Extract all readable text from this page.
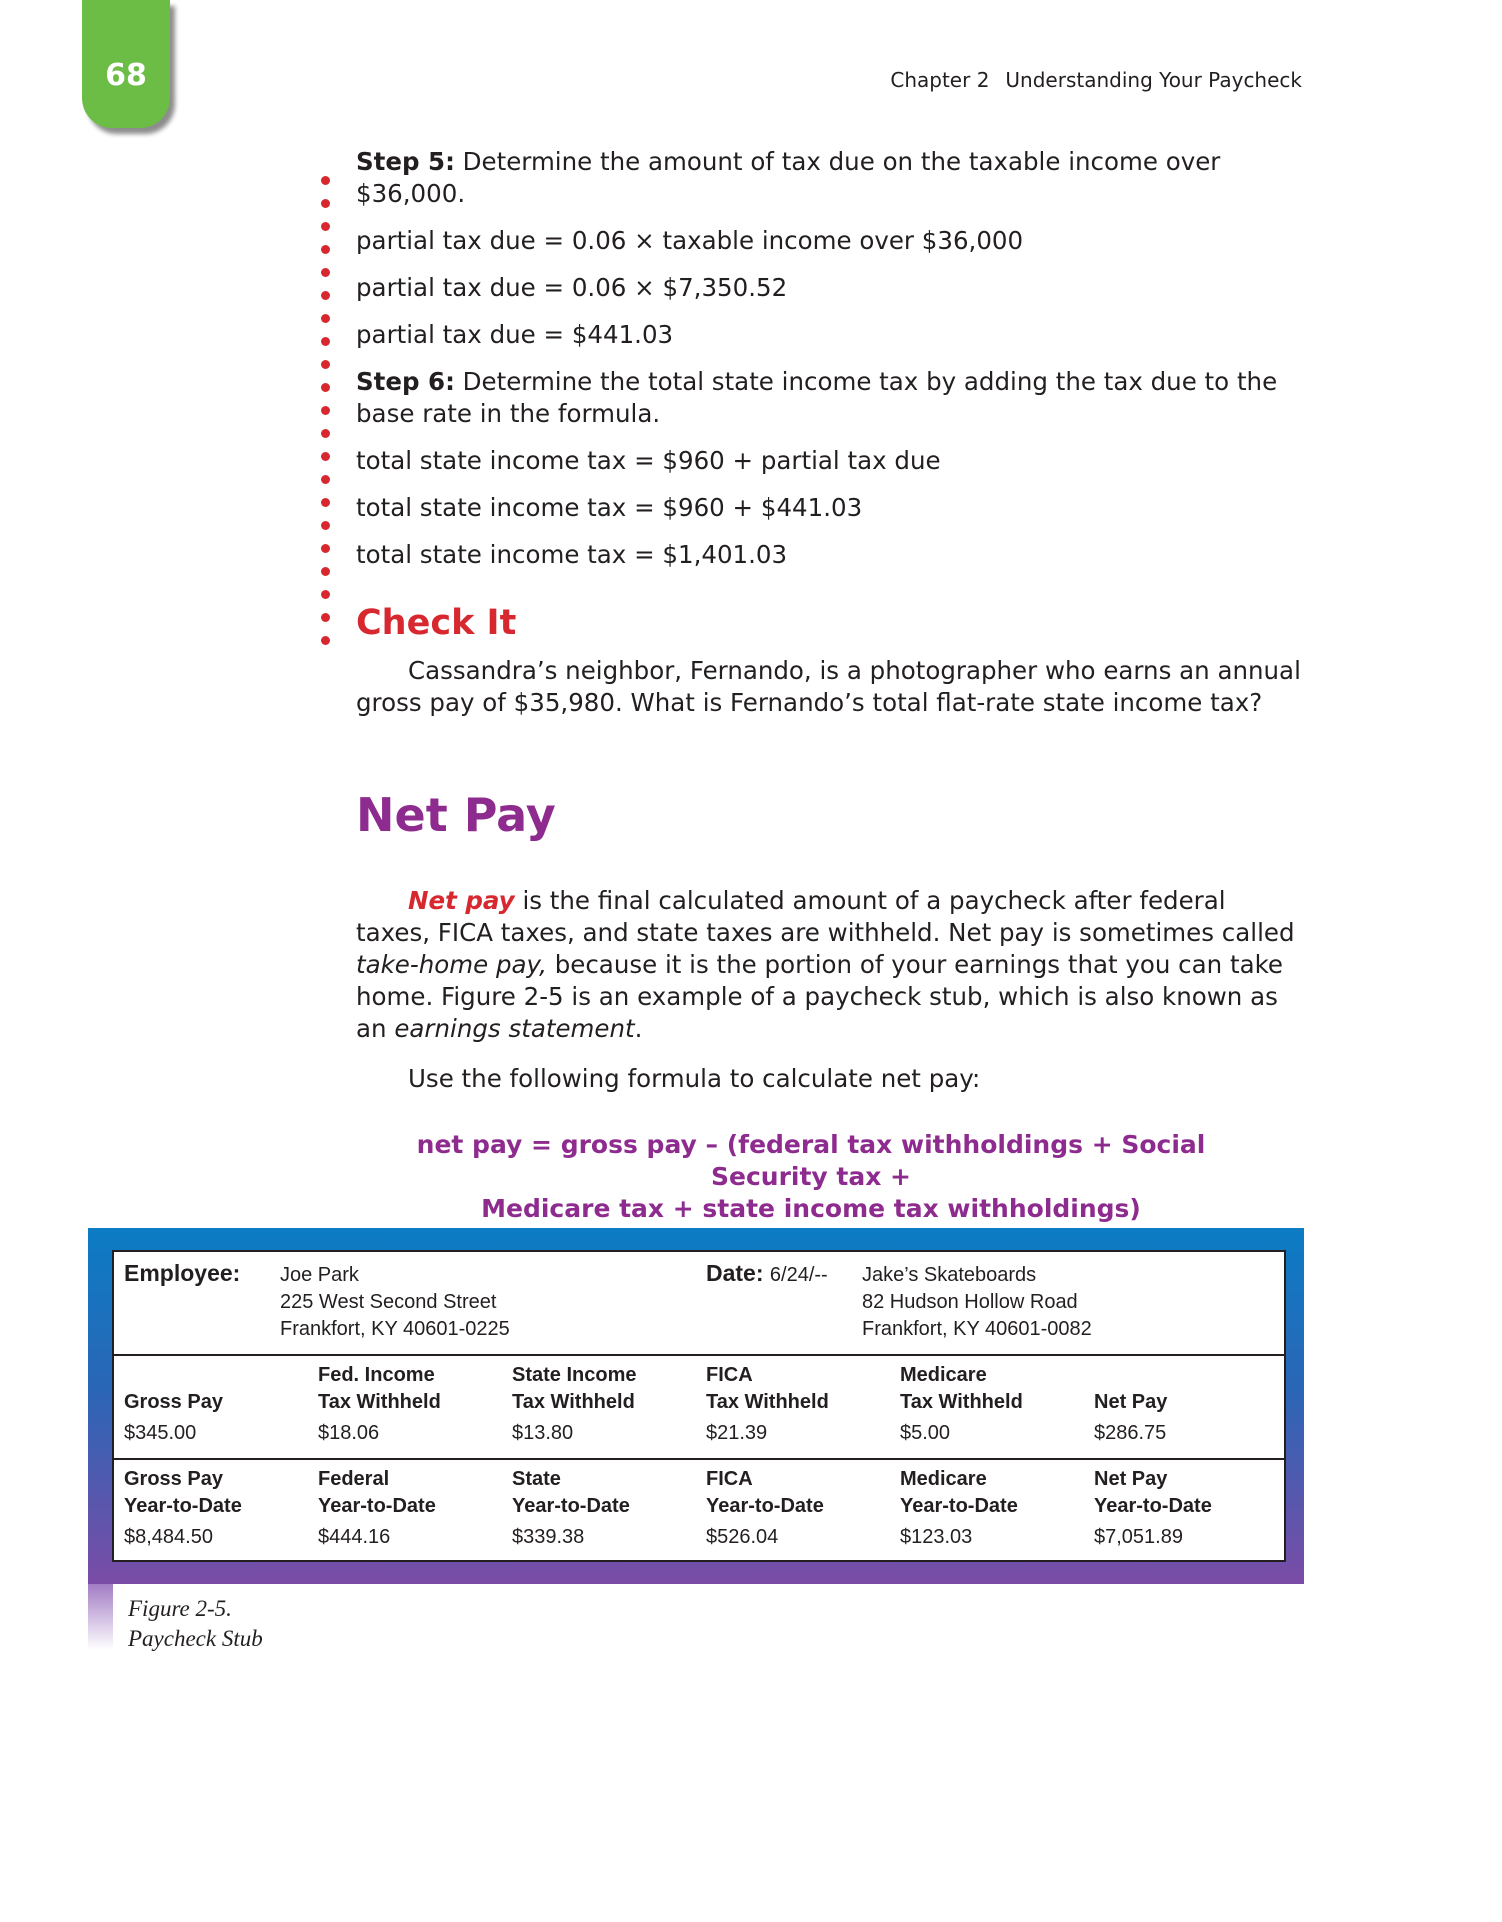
68	Chapter 2 Understanding Your Paycheck

Step 5: Determine the amount of tax due on the taxable income over $36,000.

partial tax due = 0.06 × taxable income over $36,000

partial tax due = 0.06 × $7,350.52

partial tax due = $441.03

Step 6: Determine the total state income tax by adding the tax due to the base rate in the formula.

total state income tax = $960 + partial tax due

total state income tax = $960 + $441.03

total state income tax = $1,401.03

Check It

Cassandra’s neighbor, Fernando, is a photographer who earns an annual gross pay of $35,980. What is Fernando’s total flat-rate state income tax?

Net Pay

Net pay is the final calculated amount of a paycheck after federal taxes, FICA taxes, and state taxes are withheld. Net pay is sometimes called take-home pay, because it is the portion of your earnings that you can take home. Figure 2-5 is an example of a paycheck stub, which is also known as an earnings statement.

Use the following formula to calculate net pay:

net pay = gross pay – (federal tax withholdings + Social Security tax +
Medicare tax + state income tax withholdings)
Employee: Joe Park
225 West Second Street
Frankfort, KY 40601-0225
Date: 6/24/-- Jake’s Skateboards
82 Hudson Hollow Road
Frankfort, KY 40601-0082
Gross Pay
$345.00
Fed. Income
Tax Withheld
$18.06
State Income
Tax Withheld
$13.80
FICA
Tax Withheld
$21.39
Medicare
Tax Withheld
$5.00
Net Pay
$286.75
Gross Pay
Year-to-Date
$8,484.50
Federal
Year-to-Date
$444.16
State
Year-to-Date
$339.38
FICA
Year-to-Date
$526.04
Medicare
Year-to-Date
$123.03
Net Pay
Year-to-Date
$7,051.89
Figure 2-5.
Paycheck Stub
